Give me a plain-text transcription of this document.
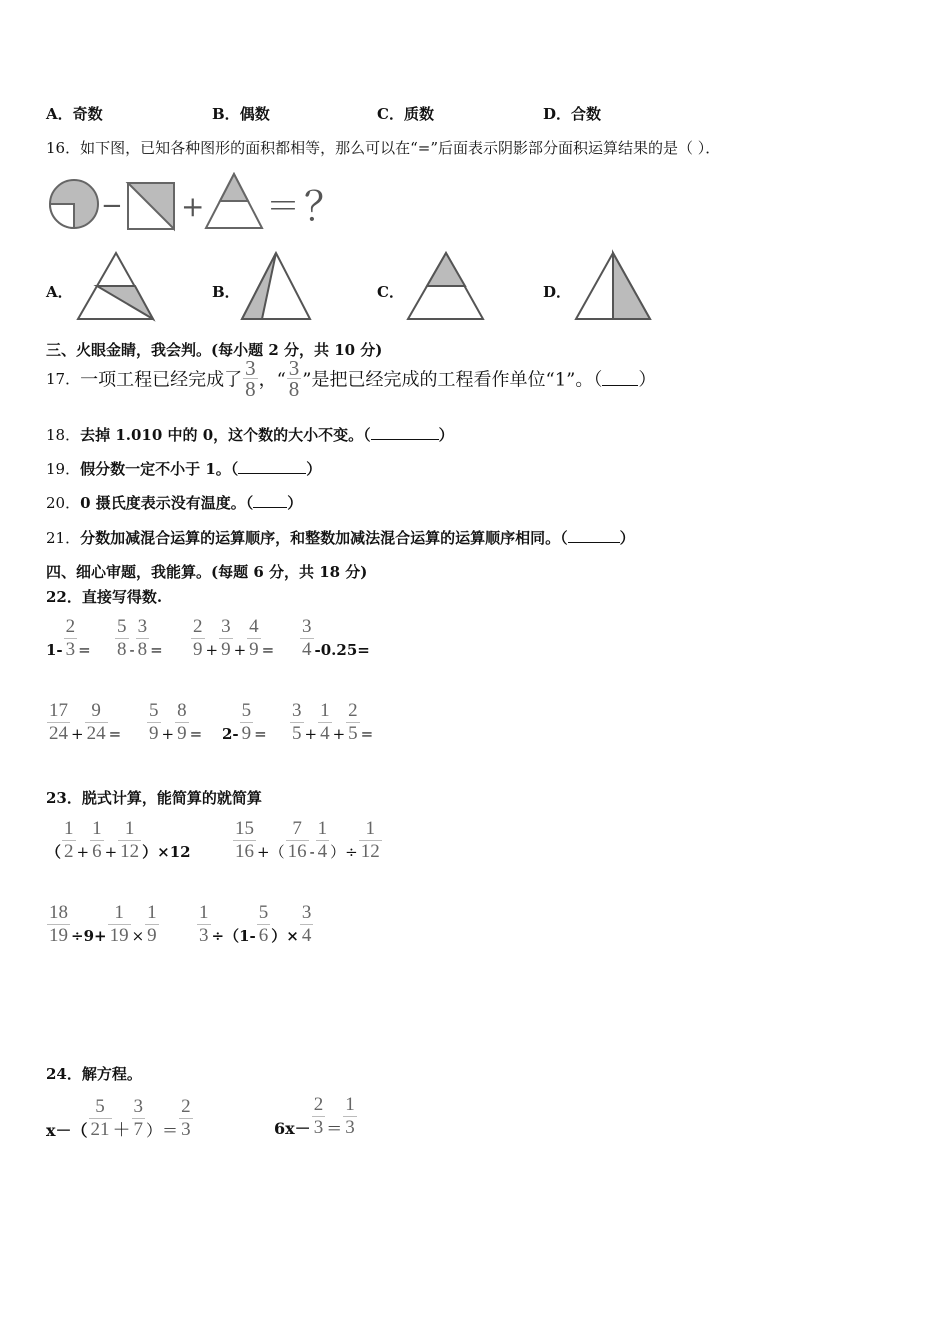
A．奇数	B．偶数	C．质数	D．合数
16．如下图，已知各种图形的面积都相等，那么可以在“=”后面表示阴影部分面积运算结果的是（ ）．
− + ＝ ？
A．	B．	C．	D．
三、火眼金睛，我会判。(每小题 2 分，共 10 分)
17．一项工程已经完成了 $\frac{3}{8}$ ，“ $\frac{3}{8}$ ”是把已经完成的工程看作单位“1”。（ ）
18．去掉 1.010 中的 0，这个数的大小不变。（	）
19．假分数一定不小于 1。（	）
20．0 摄氏度表示没有温度。（ ）
21．分数加减混合运算的运算顺序，和整数加减法混合运算的运算顺序相同。（	）
四、细心审题，我能算。(每题 6 分，共 18 分)
22．直接写得数.
$1- \frac{2}{3} = \frac{5}{8} - \frac{3}{8} = \frac{2}{9} + \frac{3}{9} + \frac{4}{9} = \frac{3}{4} -0.25=$
$\frac{17}{24} + \frac{9}{24} = \frac{5}{9} + \frac{8}{9} = 2- \frac{5}{9} = \frac{3}{5} + \frac{1}{4} + \frac{2}{5}$ =
23．脱式计算，能简算的就简算
（ $\frac{1}{2} + \frac{1}{6} + \frac{1}{12} )\times 12 \frac{15}{16}$ +（ $\frac{7}{16} - \frac{1}{4}$ ）÷ $\frac{1}{12}$
$\frac{18}{19} \div 9+ \frac{1}{19} \times \frac{1}{9} \frac{1}{3} \div(1- \frac{5}{6}$ ）× $\frac{3}{4}$
24．解方程。
$x-( \frac{5}{21} + \frac{3}{7}$ ）＝ $\frac{2}{3}$	$6x- \frac{2}{3} = \frac{1}{3}$
